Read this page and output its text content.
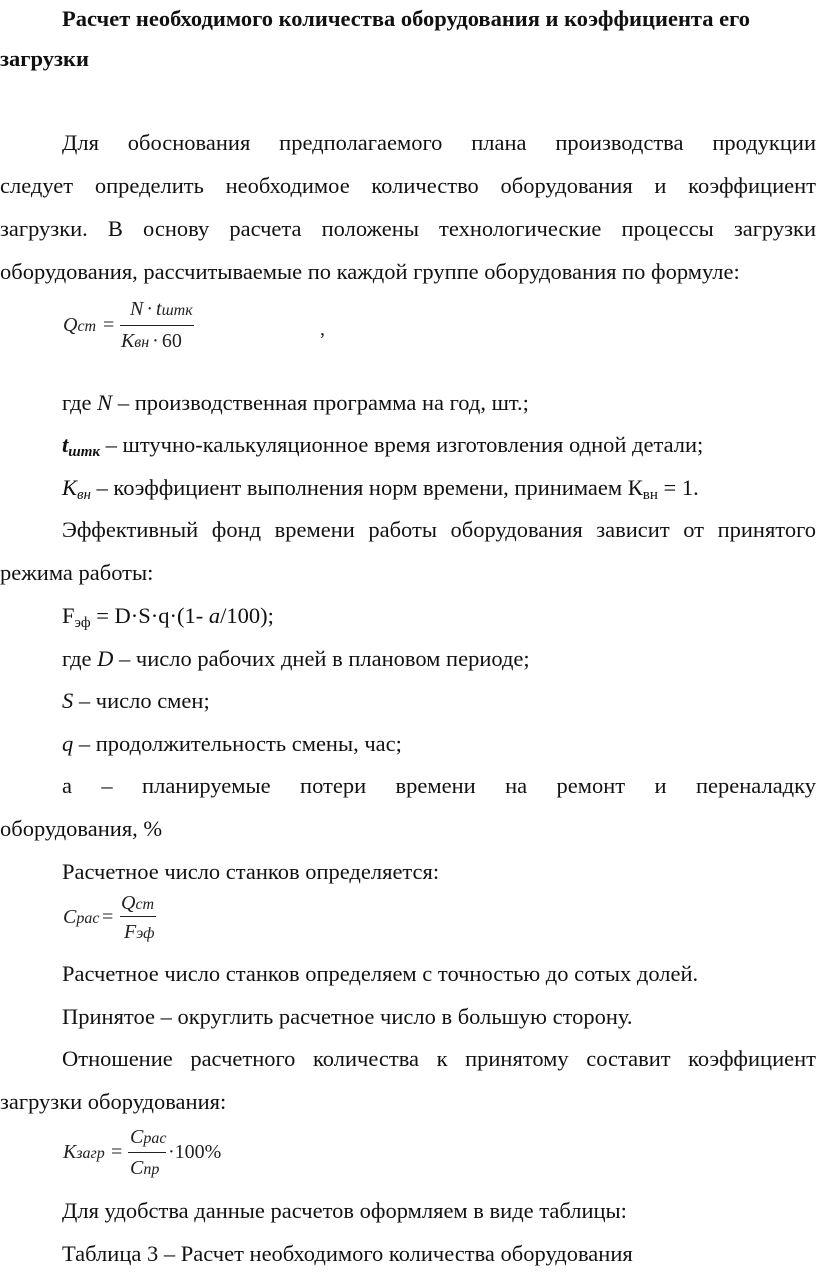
Расчет необходимого количества оборудования и коэффициента его
загрузки
Для обоснования предполагаемого плана производства продукции
следует определить необходимое количество оборудования и коэффициент
загрузки. В основу расчета положены технологические процессы загрузки
оборудования, рассчитываемые по каждой группе оборудования по формуле:
Qст =
N · tштк
Квн · 60
,
где N – производственная программа на год, шт.;
$t_{штк}$ – штучно-калькуляционное время изготовления одной детали;
$К_{вн}$ – коэффициент выполнения норм времени, принимаем $К_{вн} = 1$.
Эффективный фонд времени работы оборудования зависит от принятого
режима работы:
$F_{эф} = D\cdot S\cdot q\cdot(1-$ a/100);
где D – число рабочих дней в плановом периоде;
S – число смен;
q – продолжительность смены, час;
а – планируемые потери времени на ремонт и переналадку
оборудования, %
Расчетное число станков определяется:
Cрас =
Qст
Fэф
Расчетное число станков определяем с точностью до сотых долей.
Принятое – округлить расчетное число в большую сторону.
Отношение расчетного количества к принятому составит коэффициент
загрузки оборудования:
Кзагр =
Cрас
Cпр
·100%
Для удобства данные расчетов оформляем в виде таблицы:
Таблица 3 – Расчет необходимого количества оборудования
